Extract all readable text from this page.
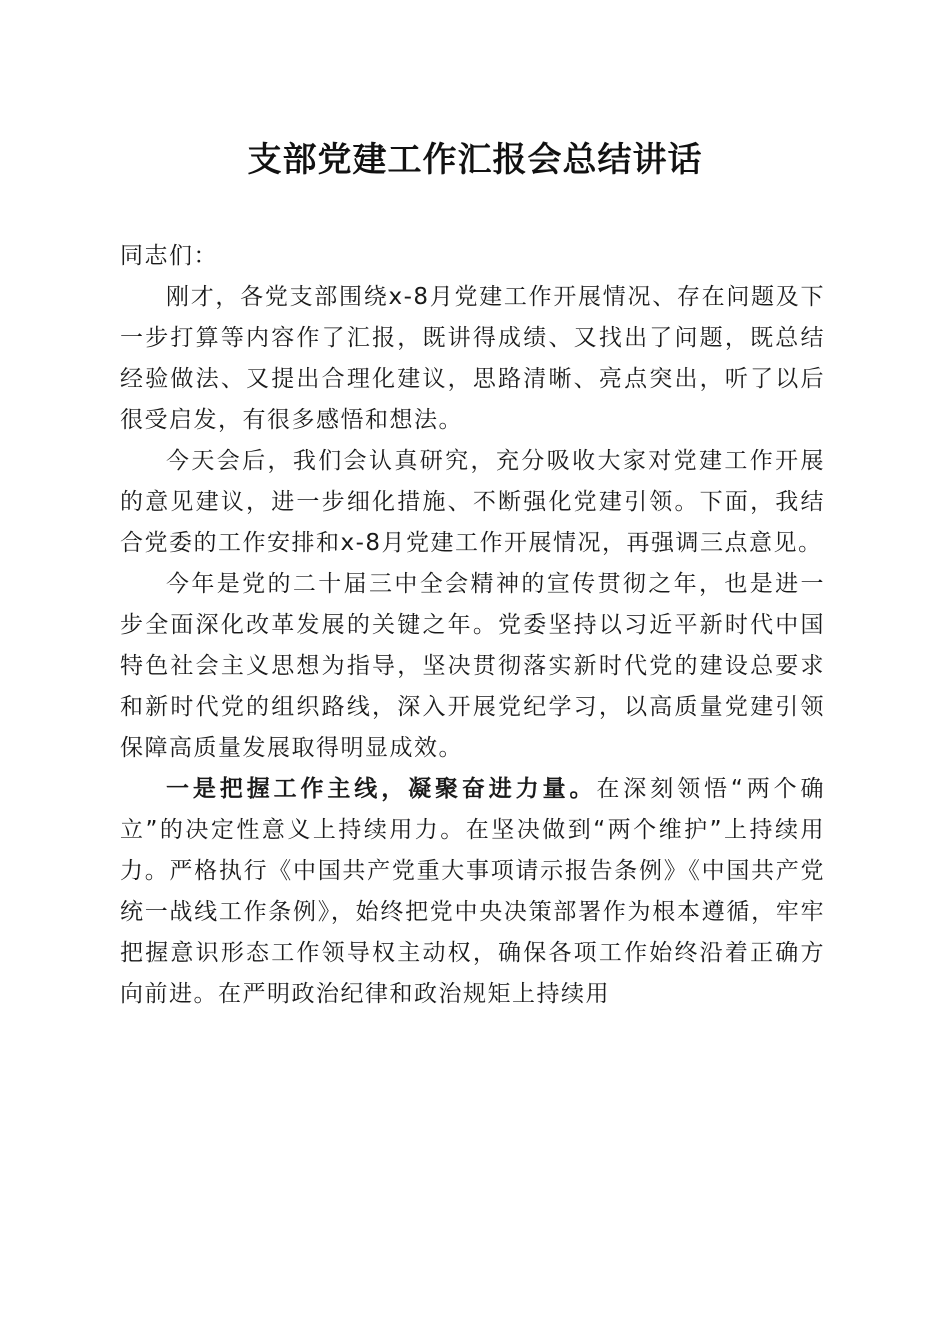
支部党建工作汇报会总结讲话

同志们：

刚才，各党支部围绕x-8月党建工作开展情况、存在问题及下一步打算等内容作了汇报，既讲得成绩、又找出了问题，既总结经验做法、又提出合理化建议，思路清晰、亮点突出，听了以后很受启发，有很多感悟和想法。

今天会后，我们会认真研究，充分吸收大家对党建工作开展的意见建议，进一步细化措施、不断强化党建引领。下面，我结合党委的工作安排和x-8月党建工作开展情况，再强调三点意见。

今年是党的二十届三中全会精神的宣传贯彻之年，也是进一步全面深化改革发展的关键之年。党委坚持以习近平新时代中国特色社会主义思想为指导，坚决贯彻落实新时代党的建设总要求和新时代党的组织路线，深入开展党纪学习，以高质量党建引领保障高质量发展取得明显成效。

一是把握工作主线，凝聚奋进力量。在深刻领悟“两个确立”的决定性意义上持续用力。在坚决做到“两个维护”上持续用力。严格执行《中国共产党重大事项请示报告条例》《中国共产党统一战线工作条例》，始终把党中央决策部署作为根本遵循，牢牢把握意识形态工作领导权主动权，确保各项工作始终沿着正确方向前进。在严明政治纪律和政治规矩上持续用
